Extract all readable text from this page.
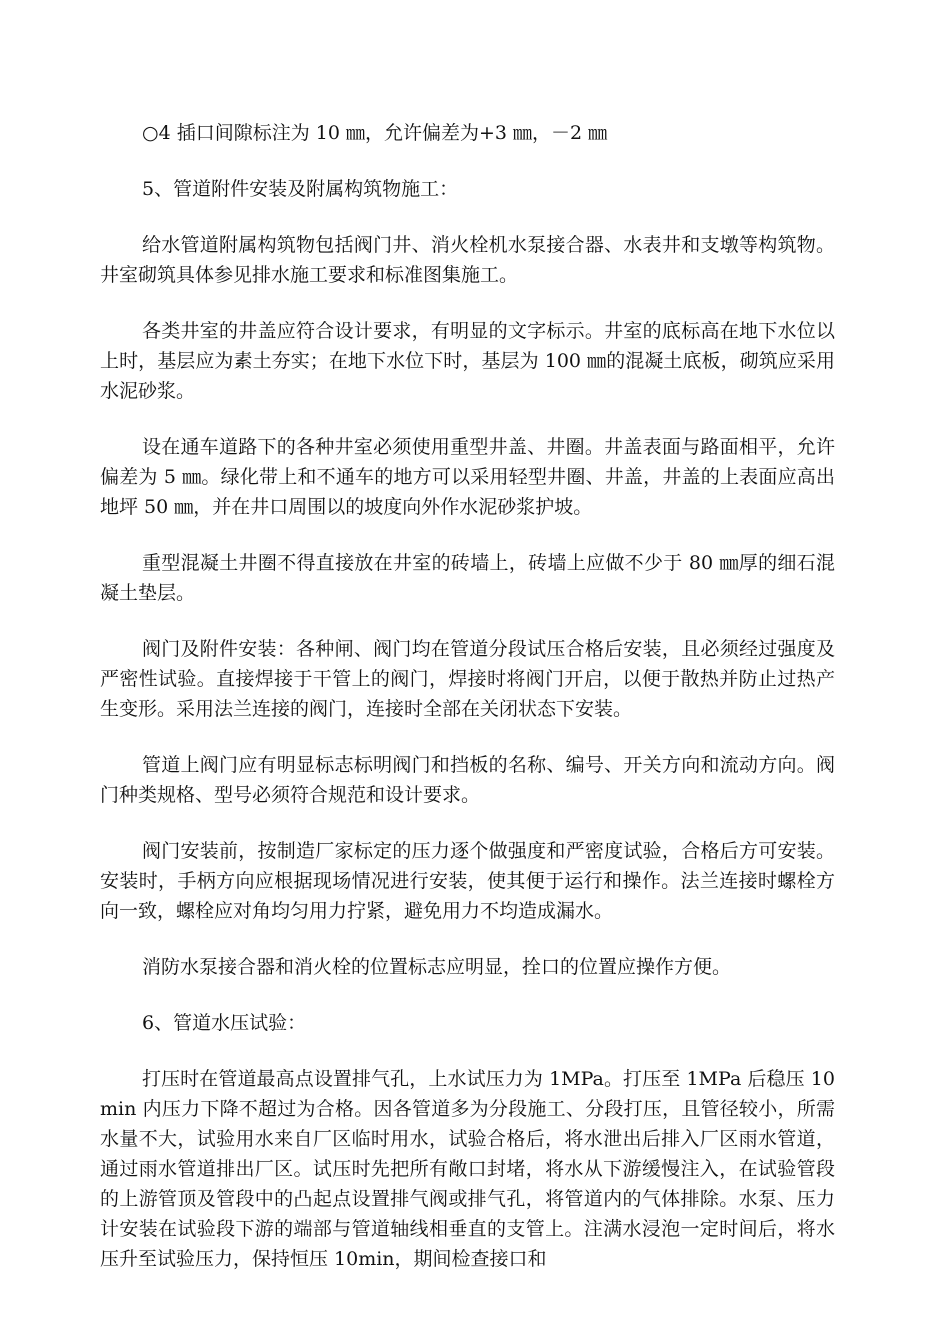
○4 插口间隙标注为 10 ㎜，允许偏差为+3 ㎜，－2 ㎜

5、管道附件安装及附属构筑物施工：

给水管道附属构筑物包括阀门井、消火栓机水泵接合器、水表井和支墩等构筑物。井室砌筑具体参见排水施工要求和标准图集施工。

各类井室的井盖应符合设计要求，有明显的文字标示。井室的底标高在地下水位以上时，基层应为素土夯实；在地下水位下时，基层为 100 ㎜的混凝土底板，砌筑应采用水泥砂浆。

设在通车道路下的各种井室必须使用重型井盖、井圈。井盖表面与路面相平，允许偏差为 5 ㎜。绿化带上和不通车的地方可以采用轻型井圈、井盖，井盖的上表面应高出地坪 50 ㎜，并在井口周围以的坡度向外作水泥砂浆护坡。

重型混凝土井圈不得直接放在井室的砖墙上，砖墙上应做不少于 80 ㎜厚的细石混凝土垫层。

阀门及附件安装：各种闸、阀门均在管道分段试压合格后安装，且必须经过强度及严密性试验。直接焊接于干管上的阀门，焊接时将阀门开启，以便于散热并防止过热产生变形。采用法兰连接的阀门，连接时全部在关闭状态下安装。

管道上阀门应有明显标志标明阀门和挡板的名称、编号、开关方向和流动方向。阀门种类规格、型号必须符合规范和设计要求。

阀门安装前，按制造厂家标定的压力逐个做强度和严密度试验，合格后方可安装。安装时，手柄方向应根据现场情况进行安装，使其便于运行和操作。法兰连接时螺栓方向一致，螺栓应对角均匀用力拧紧，避免用力不均造成漏水。

消防水泵接合器和消火栓的位置标志应明显，拴口的位置应操作方便。

6、管道水压试验：

打压时在管道最高点设置排气孔，上水试压力为 1MPa。打压至 1MPa 后稳压 10min 内压力下降不超过为合格。因各管道多为分段施工、分段打压，且管径较小，所需水量不大，试验用水来自厂区临时用水，试验合格后，将水泄出后排入厂区雨水管道，通过雨水管道排出厂区。试压时先把所有敞口封堵，将水从下游缓慢注入，在试验管段的上游管顶及管段中的凸起点设置排气阀或排气孔，将管道内的气体排除。水泵、压力计安装在试验段下游的端部与管道轴线相垂直的支管上。注满水浸泡一定时间后，将水压升至试验压力，保持恒压 10min，期间检查接口和
